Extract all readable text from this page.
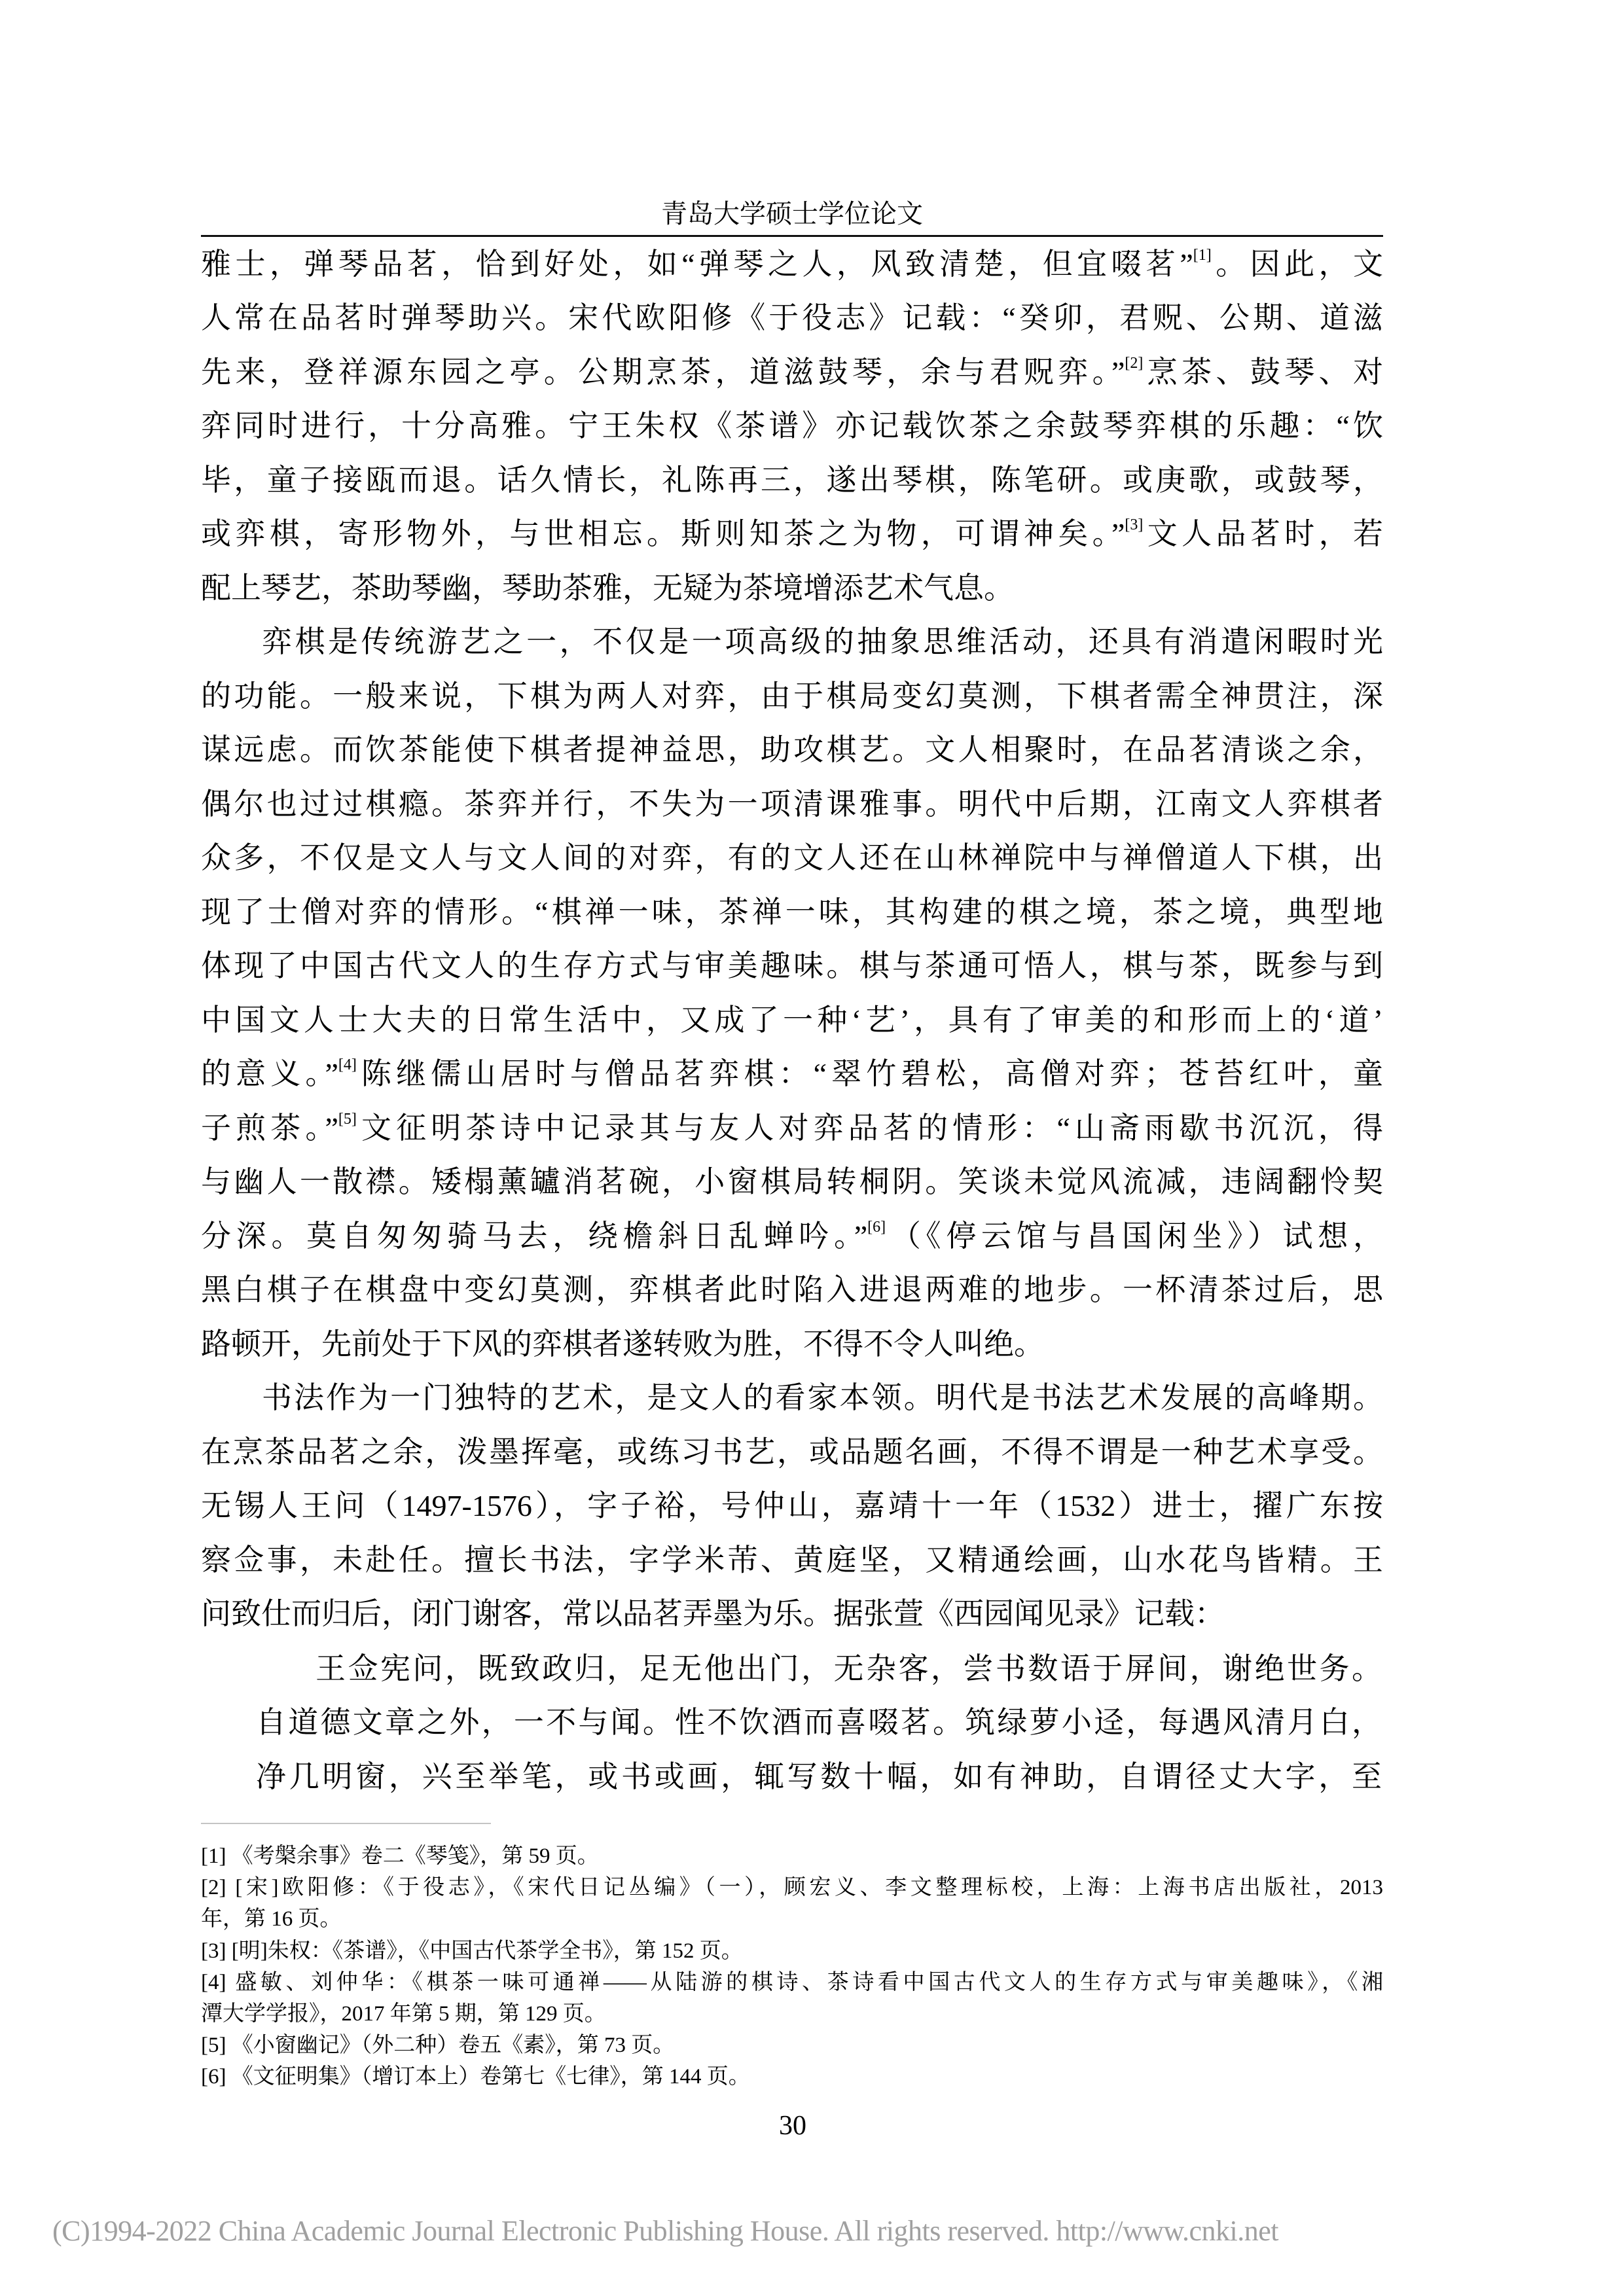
青岛大学硕士学位论文
雅士，弹琴品茗，恰到好处，如“弹琴之人，风致清楚，但宜啜茗”[1]。因此，文
人常在品茗时弹琴助兴。宋代欧阳修《于役志》记载：“癸卯，君贶、公期、道滋
先来，登祥源东园之亭。公期烹茶，道滋鼓琴，余与君贶弈。”[2]烹茶、鼓琴、对
弈同时进行，十分高雅。宁王朱权《茶谱》亦记载饮茶之余鼓琴弈棋的乐趣：“饮
毕，童子接瓯而退。话久情长，礼陈再三，遂出琴棋，陈笔研。或庚歌，或鼓琴，
或弈棋，寄形物外，与世相忘。斯则知茶之为物，可谓神矣。”[3]文人品茗时，若
配上琴艺，茶助琴幽，琴助茶雅，无疑为茶境增添艺术气息。
弈棋是传统游艺之一，不仅是一项高级的抽象思维活动，还具有消遣闲暇时光
的功能。一般来说，下棋为两人对弈，由于棋局变幻莫测，下棋者需全神贯注，深
谋远虑。而饮茶能使下棋者提神益思，助攻棋艺。文人相聚时，在品茗清谈之余，
偶尔也过过棋瘾。茶弈并行，不失为一项清课雅事。明代中后期，江南文人弈棋者
众多，不仅是文人与文人间的对弈，有的文人还在山林禅院中与禅僧道人下棋，出
现了士僧对弈的情形。“棋禅一味，茶禅一味，其构建的棋之境，茶之境，典型地
体现了中国古代文人的生存方式与审美趣味。棋与茶通可悟人，棋与茶，既参与到
中国文人士大夫的日常生活中，又成了一种‘艺’，具有了审美的和形而上的‘道’
的意义。”[4]陈继儒山居时与僧品茗弈棋：“翠竹碧松，高僧对弈；苍苔红叶，童
子煎茶。”[5]文征明茶诗中记录其与友人对弈品茗的情形：“山斋雨歇书沉沉，得
与幽人一散襟。矮榻薰罏消茗碗，小窗棋局转桐阴。笑谈未觉风流减，违阔翻怜契
分深。莫自匆匆骑马去，绕檐斜日乱蝉吟。”[6]（《停云馆与昌国闲坐》）试想，
黑白棋子在棋盘中变幻莫测，弈棋者此时陷入进退两难的地步。一杯清茶过后，思
路顿开，先前处于下风的弈棋者遂转败为胜，不得不令人叫绝。
书法作为一门独特的艺术，是文人的看家本领。明代是书法艺术发展的高峰期。
在烹茶品茗之余，泼墨挥毫，或练习书艺，或品题名画，不得不谓是一种艺术享受。
无锡人王问（1497-1576），字子裕，号仲山，嘉靖十一年（1532）进士，擢广东按
察佥事，未赴任。擅长书法，字学米芾、黄庭坚，又精通绘画，山水花鸟皆精。王
问致仕而归后，闭门谢客，常以品茗弄墨为乐。据张萱《西园闻见录》记载：
王佥宪问，既致政归，足无他出门，无杂客，尝书数语于屏间，谢绝世务。
自道德文章之外，一不与闻。性不饮酒而喜啜茗。筑绿萝小迳，每遇风清月白，
净几明窗，兴至举笔，或书或画，辄写数十幅，如有神助，自谓径丈大字，至
[1] 《考槃余事》卷二《琴笺》，第 59 页。
[2] [宋]欧阳修：《于役志》，《宋代日记丛编》（一），顾宏义、李文整理标校，上海：上海书店出版社，2013
年，第 16 页。
[3] [明]朱权：《茶谱》，《中国古代茶学全书》，第 152 页。
[4] 盛敏、刘仲华：《棋茶一味可通禅——从陆游的棋诗、茶诗看中国古代文人的生存方式与审美趣味》，《湘
潭大学学报》，2017 年第 5 期，第 129 页。
[5] 《小窗幽记》（外二种）卷五《素》，第 73 页。
[6] 《文征明集》（增订本上）卷第七《七律》，第 144 页。
30
(C)1994-2022 China Academic Journal Electronic Publishing House. All rights reserved. http://www.cnki.net
